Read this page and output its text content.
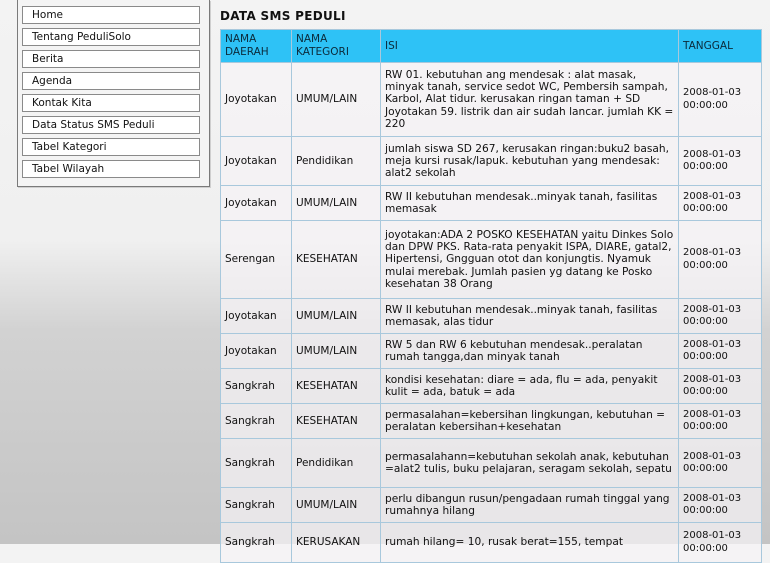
Home
Tentang PeduliSolo
Berita
Agenda
Kontak Kita
Data Status SMS Peduli
Tabel Kategori
Tabel Wilayah
DATA SMS PEDULI
NAMA DAERAH	NAMA KATEGORI	ISI	TANGGAL
Joyotakan	UMUM/LAIN	RW 01. kebutuhan ang mendesak : alat masak, minyak tanah, service sedot WC, Pembersih sampah, Karbol, Alat tidur. kerusakan ringan taman + SD Joyotakan 59. listrik dan air sudah lancar. jumlah KK = 220	2008-01-03 00:00:00
Joyotakan	Pendidikan	jumlah siswa SD 267, kerusakan ringan:buku2 basah, meja kursi rusak/lapuk. kebutuhan yang mendesak: alat2 sekolah	2008-01-03 00:00:00
Joyotakan	UMUM/LAIN	RW II kebutuhan mendesak..minyak tanah, fasilitas memasak	2008-01-03 00:00:00
Serengan	KESEHATAN	joyotakan:ADA 2 POSKO KESEHATAN yaitu Dinkes Solo dan DPW PKS. Rata-rata penyakit ISPA, DIARE, gatal2, Hipertensi, Gngguan otot dan konjungtis. Nyamuk mulai merebak. Jumlah pasien yg datang ke Posko kesehatan 38 Orang	2008-01-03 00:00:00
Joyotakan	UMUM/LAIN	RW II kebutuhan mendesak..minyak tanah, fasilitas memasak, alas tidur	2008-01-03 00:00:00
Joyotakan	UMUM/LAIN	RW 5 dan RW 6 kebutuhan mendesak..peralatan rumah tangga,dan minyak tanah	2008-01-03 00:00:00
Sangkrah	KESEHATAN	kondisi kesehatan: diare = ada, flu = ada, penyakit kulit = ada, batuk = ada	2008-01-03 00:00:00
Sangkrah	KESEHATAN	permasalahan=kebersihan lingkungan, kebutuhan = peralatan kebersihan+kesehatan	2008-01-03 00:00:00
Sangkrah	Pendidikan	permasalahann=kebutuhan sekolah anak, kebutuhan =alat2 tulis, buku pelajaran, seragam sekolah, sepatu	2008-01-03 00:00:00
Sangkrah	UMUM/LAIN	perlu dibangun rusun/pengadaan rumah tinggal yang rumahnya hilang	2008-01-03 00:00:00
Sangkrah	KERUSAKAN	rumah hilang= 10, rusak berat=155, tempat	2008-01-03 00:00:00
